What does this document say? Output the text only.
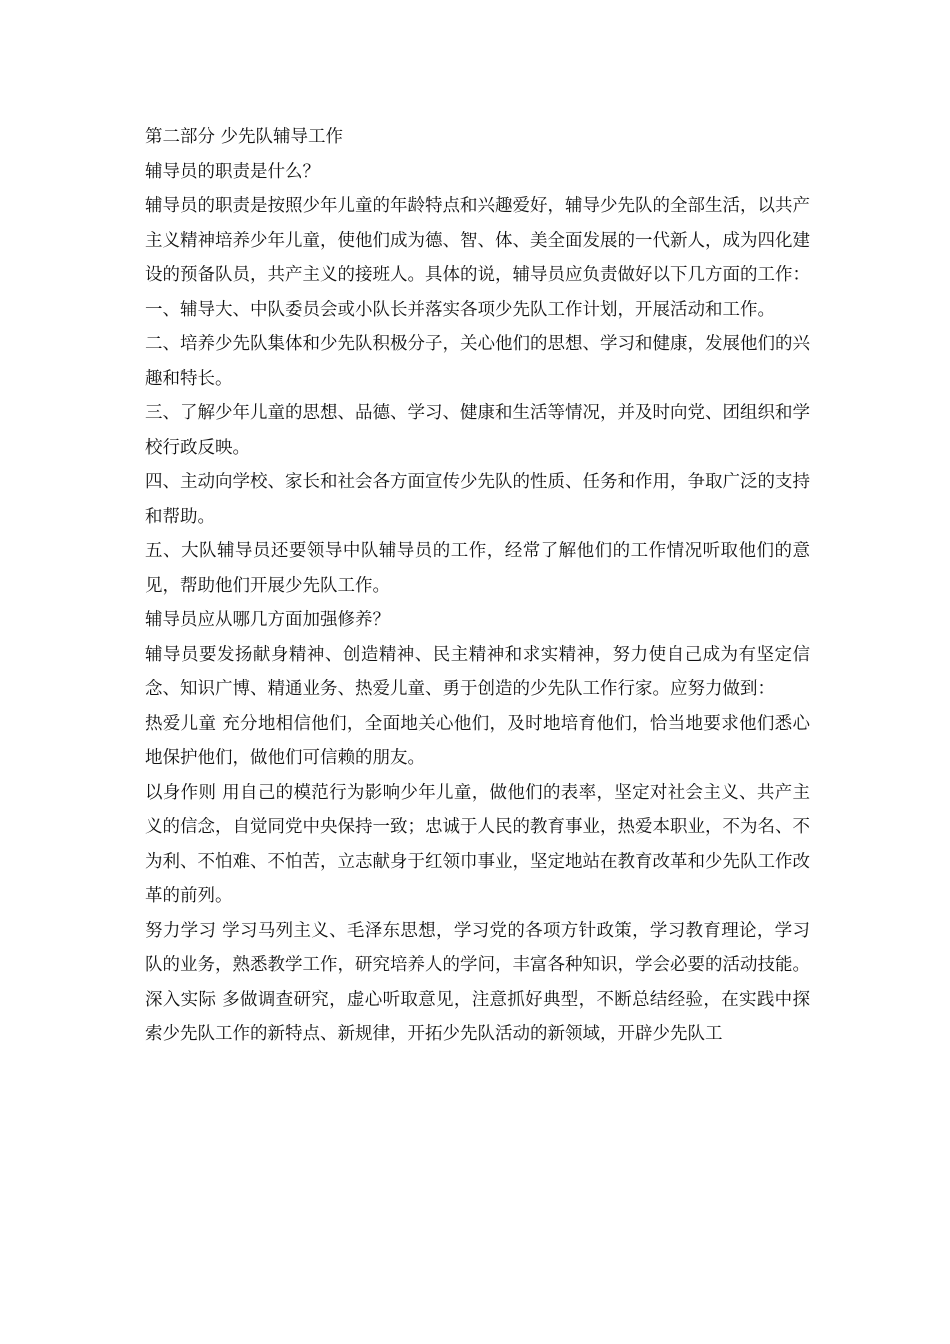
第二部分 少先队辅导工作

辅导员的职责是什么？

辅导员的职责是按照少年儿童的年龄特点和兴趣爱好，辅导少先队的全部生活，以共产主义精神培养少年儿童，使他们成为德、智、体、美全面发展的一代新人，成为四化建设的预备队员，共产主义的接班人。具体的说，辅导员应负责做好以下几方面的工作：

一、辅导大、中队委员会或小队长并落实各项少先队工作计划，开展活动和工作。

二、培养少先队集体和少先队积极分子，关心他们的思想、学习和健康，发展他们的兴趣和特长。

三、了解少年儿童的思想、品德、学习、健康和生活等情况，并及时向党、团组织和学校行政反映。

四、主动向学校、家长和社会各方面宣传少先队的性质、任务和作用，争取广泛的支持和帮助。

五、大队辅导员还要领导中队辅导员的工作，经常了解他们的工作情况听取他们的意见，帮助他们开展少先队工作。

辅导员应从哪几方面加强修养？

辅导员要发扬献身精神、创造精神、民主精神和求实精神，努力使自己成为有坚定信念、知识广博、精通业务、热爱儿童、勇于创造的少先队工作行家。应努力做到：

热爱儿童 充分地相信他们，全面地关心他们，及时地培育他们，恰当地要求他们悉心地保护他们，做他们可信赖的朋友。

以身作则 用自己的模范行为影响少年儿童，做他们的表率，坚定对社会主义、共产主义的信念，自觉同党中央保持一致；忠诚于人民的教育事业，热爱本职业，不为名、不为利、不怕难、不怕苦，立志献身于红领巾事业，坚定地站在教育改革和少先队工作改革的前列。

努力学习 学习马列主义、毛泽东思想，学习党的各项方针政策，学习教育理论，学习队的业务，熟悉教学工作，研究培养人的学问，丰富各种知识，学会必要的活动技能。

深入实际 多做调查研究，虚心听取意见，注意抓好典型，不断总结经验，在实践中探索少先队工作的新特点、新规律，开拓少先队活动的新领域，开辟少先队工
